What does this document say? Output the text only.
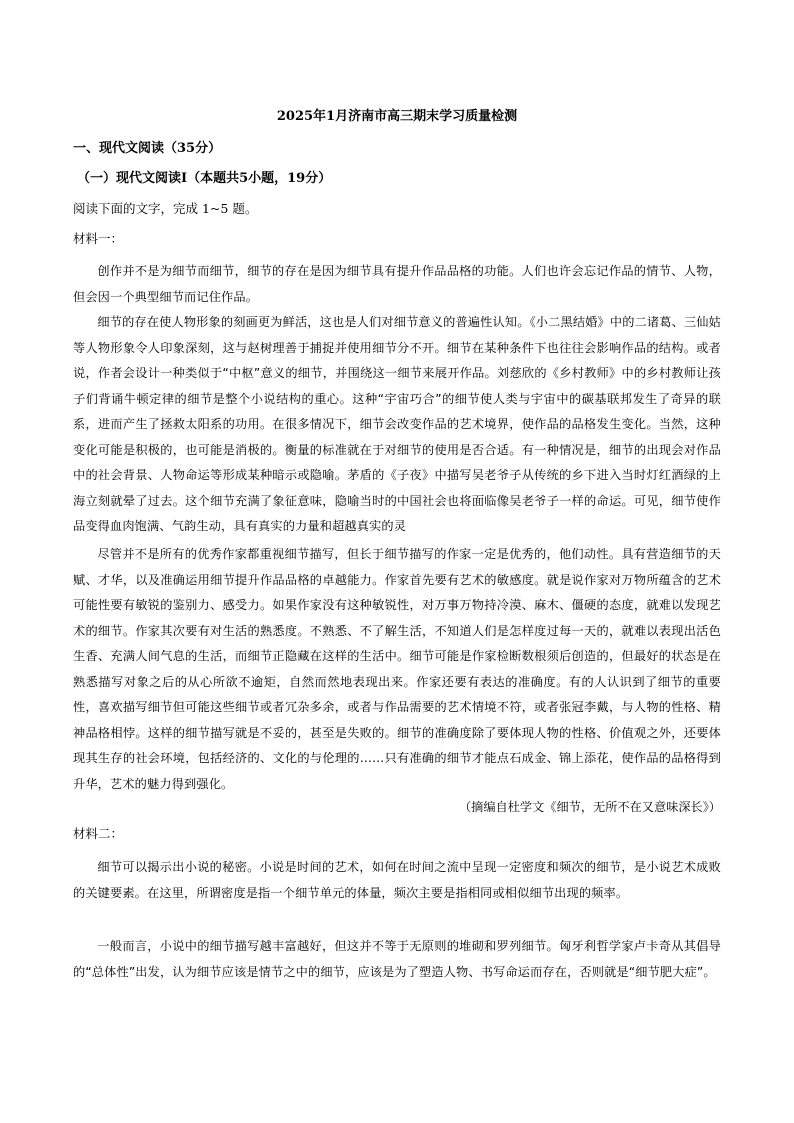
2025年1月济南市高三期末学习质量检测
一、现代文阅读（35分）
（一）现代文阅读Ⅰ（本题共5小题，19分）
阅读下面的文字，完成 1~5 题。
材料一：

创作并不是为细节而细节，细节的存在是因为细节具有提升作品品格的功能。人们也许会忘记作品的情节、人物，但会因一个典型细节而记住作品。

细节的存在使人物形象的刻画更为鲜活，这也是人们对细节意义的普遍性认知。《小二黑结婚》中的二诸葛、三仙姑等人物形象令人印象深刻，这与赵树理善于捕捉并使用细节分不开。细节在某种条件下也往往会影响作品的结构。或者说，作者会设计一种类似于“中枢”意义的细节，并围绕这一细节来展开作品。刘慈欣的《乡村教师》中的乡村教师让孩子们背诵牛顿定律的细节是整个小说结构的重心。这种“宇宙巧合”的细节使人类与宇宙中的碳基联邦发生了奇异的联系，进而产生了拯救太阳系的功用。在很多情况下，细节会改变作品的艺术境界，使作品的品格发生变化。当然，这种变化可能是积极的，也可能是消极的。衡量的标准就在于对细节的使用是否合适。有一种情况是，细节的出现会对作品中的社会背景、人物命运等形成某种暗示或隐喻。茅盾的《子夜》中描写吴老爷子从传统的乡下进入当时灯红酒绿的上海立刻就晕了过去。这个细节充满了象征意味，隐喻当时的中国社会也将面临像吴老爷子一样的命运。可见，细节使作品变得血肉饱满、气韵生动，具有真实的力量和超越真实的灵

尽管并不是所有的优秀作家都重视细节描写，但长于细节描写的作家一定是优秀的，他们动性。具有营造细节的天赋、才华，以及准确运用细节提升作品品格的卓越能力。作家首先要有艺术的敏感度。就是说作家对万物所蕴含的艺术可能性要有敏锐的鉴别力、感受力。如果作家没有这种敏锐性，对万事万物持冷漠、麻木、僵硬的态度，就难以发现艺术的细节。作家其次要有对生活的熟悉度。不熟悉、不了解生活，不知道人们是怎样度过每一天的，就难以表现出活色生香、充满人间气息的生活，而细节正隐藏在这样的生活中。细节可能是作家检断数根须后创造的，但最好的状态是在熟悉描写对象之后的从心所欲不逾矩，自然而然地表现出来。作家还要有表达的准确度。有的人认识到了细节的重要性，喜欢描写细节但可能这些细节或者冗杂多余，或者与作品需要的艺术情境不符，或者张冠李戴，与人物的性格、精神品格相悖。这样的细节描写就是不妥的，甚至是失败的。细节的准确度除了要体现人物的性格、价值观之外，还要体现其生存的社会环境，包括经济的、文化的与伦理的……只有准确的细节才能点石成金、锦上添花，使作品的品格得到升华，艺术的魅力得到强化。

（摘编自杜学文《细节，无所不在又意味深长》）
材料二：

细节可以揭示出小说的秘密。小说是时间的艺术，如何在时间之流中呈现一定密度和频次的细节，是小说艺术成败的关键要素。在这里，所谓密度是指一个细节单元的体量，频次主要是指相同或相似细节出现的频率。

一般而言，小说中的细节描写越丰富越好，但这并不等于无原则的堆砌和罗列细节。匈牙利哲学家卢卡奇从其倡导的“总体性”出发，认为细节应该是情节之中的细节，应该是为了塑造人物、书写命运而存在，否则就是“细节肥大症”。
